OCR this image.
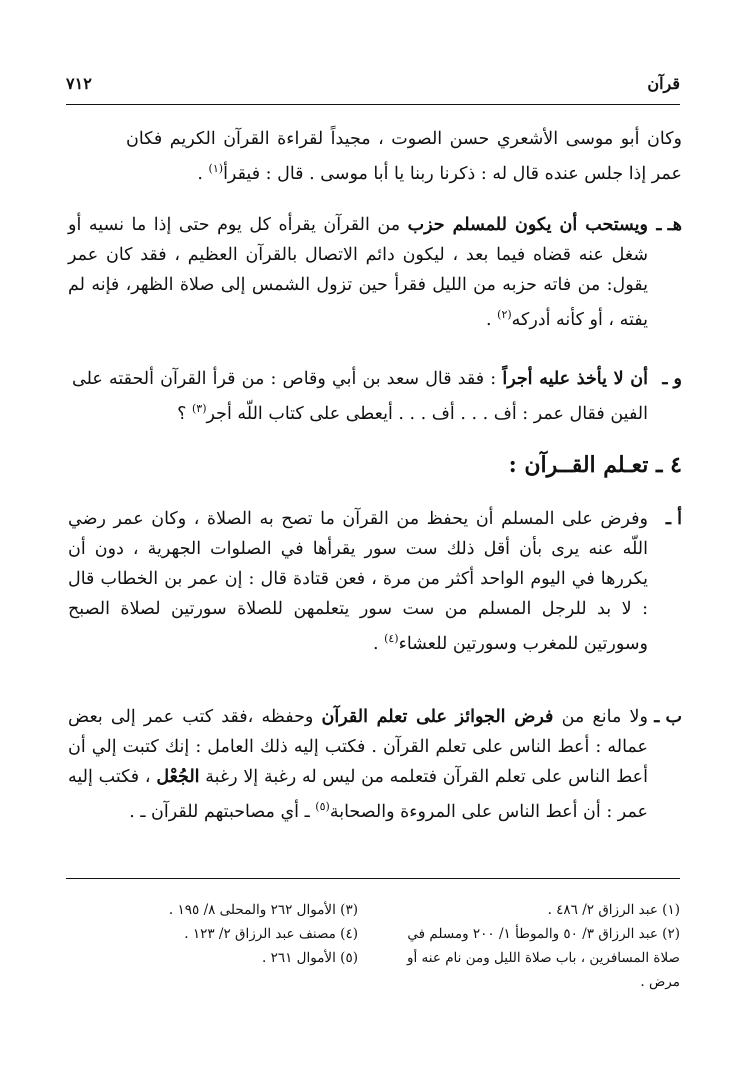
قرآن
٧١٢
وكان أبو موسى الأشعري حسن الصوت ، مجيداً لقراءة القرآن الكريم فكان عمر إذا جلس عنده قال له : ذكرنا ربنا يا أبا موسى . قال : فيقرأ$^{(١)}$ .
هـ ـ
ويستحب أن يكون للمسلم حزب من القرآن يقرأه كل يوم حتى إذا ما نسيه أو شغل عنه قضاه فيما بعد ، ليكون دائم الاتصال بالقرآن العظيم ، فقد كان عمر يقول: من فاته حزبه من الليل فقرأ حين تزول الشمس إلى صلاة الظهر، فإنه لم يفته ، أو كأنه أدركه$^{(٢)}$ .
و ـ
أن لا يأخذ عليه أجراً : فقد قال سعد بن أبي وقاص : من قرأ القرآن ألحقته على الفين فقال عمر : أف . . . أف . . . أيعطى على كتاب اللّه أجر$^{(٣)}$ ؟
٤ ـ تعـلم القــرآن :
أ ـ
وفرض على المسلم أن يحفظ من القرآن ما تصح به الصلاة ، وكان عمر رضي اللّه عنه يرى بأن أقل ذلك ست سور يقرأها في الصلوات الجهرية ، دون أن يكررها في اليوم الواحد أكثر من مرة ، فعن قتادة قال : إن عمر بن الخطاب قال : لا بد للرجل المسلم من ست سور يتعلمهن للصلاة سورتين لصلاة الصبح وسورتين للمغرب وسورتين للعشاء$^{(٤)}$ .
ب ـ
ولا مانع من فرض الجوائز على تعلم القرآن وحفظه ،فقد كتب عمر إلى بعض عماله : أعط الناس على تعلم القرآن . فكتب إليه ذلك العامل : إنك كتبت إلي أن أعط الناس على تعلم القرآن فتعلمه من ليس له رغبة إلا رغبة الجُعْل ، فكتب إليه عمر : أن أعط الناس على المروءة والصحابة$^{(٥)}$ ـ أي مصاحبتهم للقرآن ـ .
(١) عبد الرزاق ٢/ ٤٨٦ .
(٢) عبد الرزاق ٣/ ٥٠ والموطأ ١/ ٢٠٠ ومسلم في صلاة المسافرين ، باب صلاة الليل ومن نام عنه أو مرض .
(٣) الأموال ٢٦٢ والمحلى ٨/ ١٩٥ .
(٤) مصنف عبد الرزاق ٢/ ١٢٣ .
(٥) الأموال ٢٦١ .
